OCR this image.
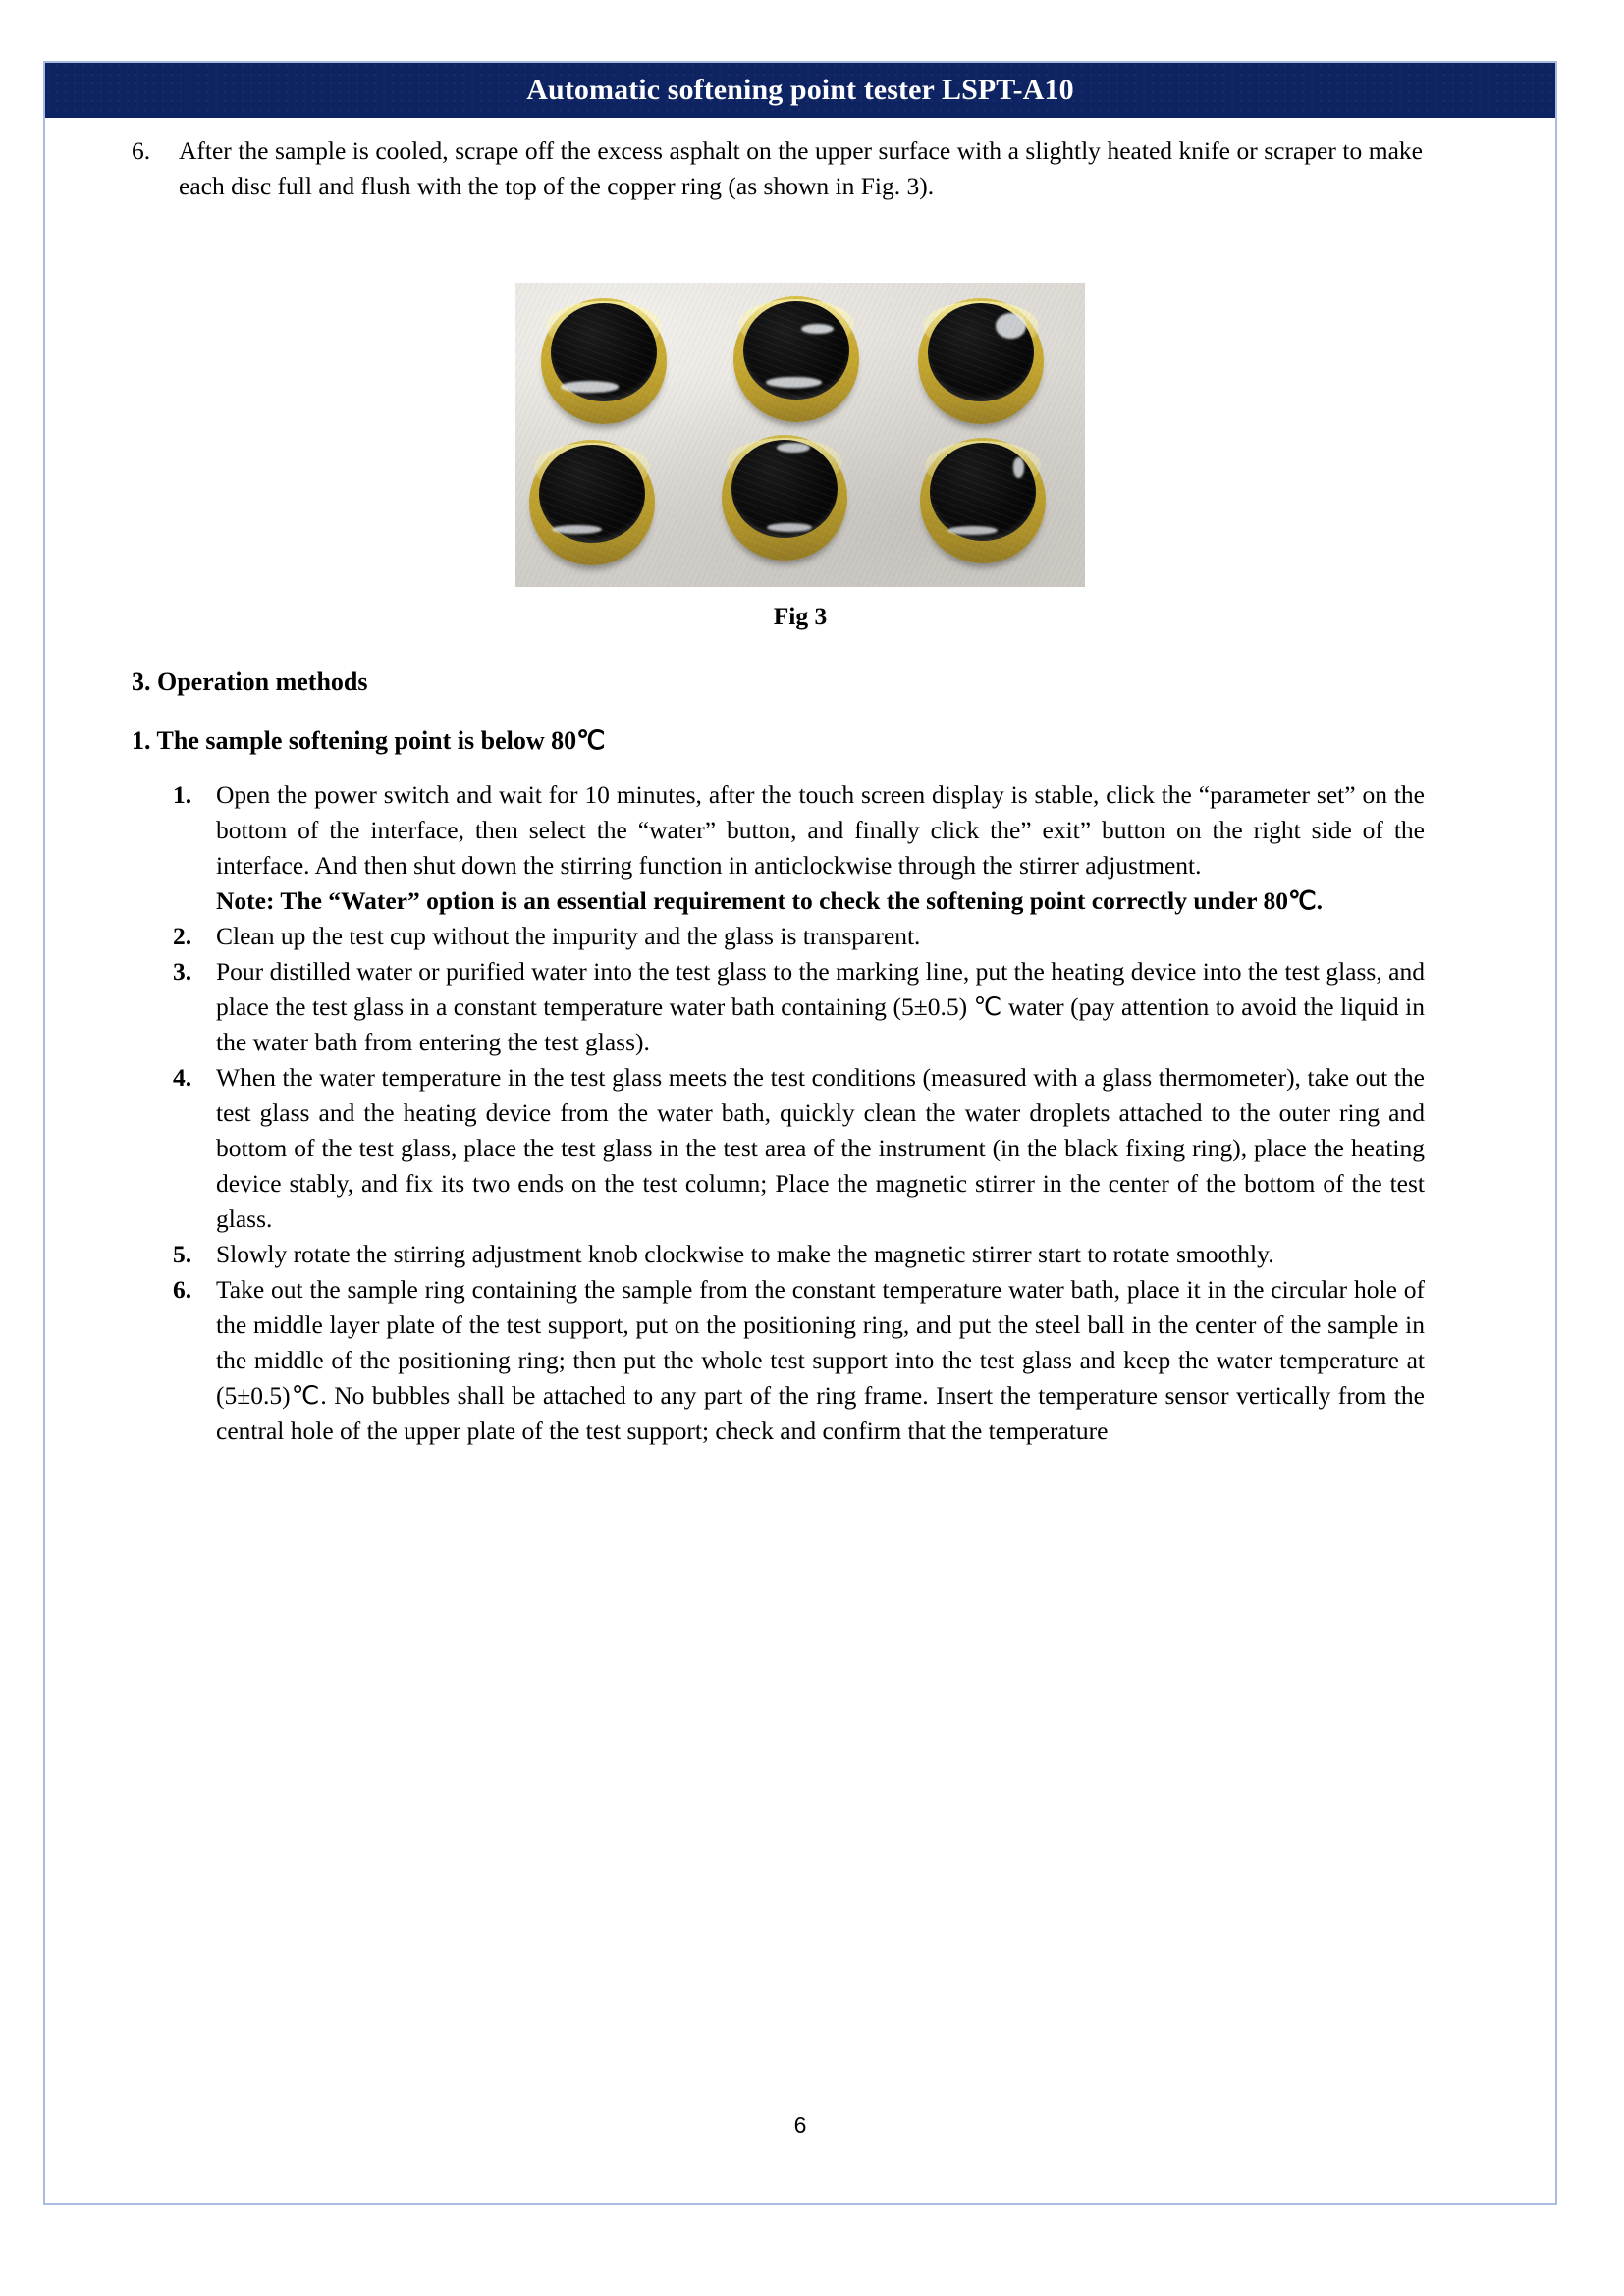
Automatic softening point tester LSPT-A10
6.	After the sample is cooled, scrape off the excess asphalt on the upper surface with a slightly heated knife or scraper to make each disc full and flush with the top of the copper ring (as shown in Fig. 3).
Fig 3
3. Operation methods
1. The sample softening point is below 80℃
1. Open the power switch and wait for 10 minutes, after the touch screen display is stable, click the “parameter set” on the bottom of the interface, then select the “water” button, and finally click the” exit” button on the right side of the interface. And then shut down the stirring function in anticlockwise through the stirrer adjustment.
Note: The “Water” option is an essential requirement to check the softening point correctly under 80℃.
2. Clean up the test cup without the impurity and the glass is transparent.
3. Pour distilled water or purified water into the test glass to the marking line, put the heating device into the test glass, and place the test glass in a constant temperature water bath containing (5±0.5) ℃ water (pay attention to avoid the liquid in the water bath from entering the test glass).
4. When the water temperature in the test glass meets the test conditions (measured with a glass thermometer), take out the test glass and the heating device from the water bath, quickly clean the water droplets attached to the outer ring and bottom of the test glass, place the test glass in the test area of the instrument (in the black fixing ring), place the heating device stably, and fix its two ends on the test column; Place the magnetic stirrer in the center of the bottom of the test glass.
5. Slowly rotate the stirring adjustment knob clockwise to make the magnetic stirrer start to rotate smoothly.
6. Take out the sample ring containing the sample from the constant temperature water bath, place it in the circular hole of the middle layer plate of the test support, put on the positioning ring, and put the steel ball in the center of the sample in the middle of the positioning ring; then put the whole test support into the test glass and keep the water temperature at (5±0.5)℃. No bubbles shall be attached to any part of the ring frame. Insert the temperature sensor vertically from the central hole of the upper plate of the test support; check and confirm that the temperature
6
